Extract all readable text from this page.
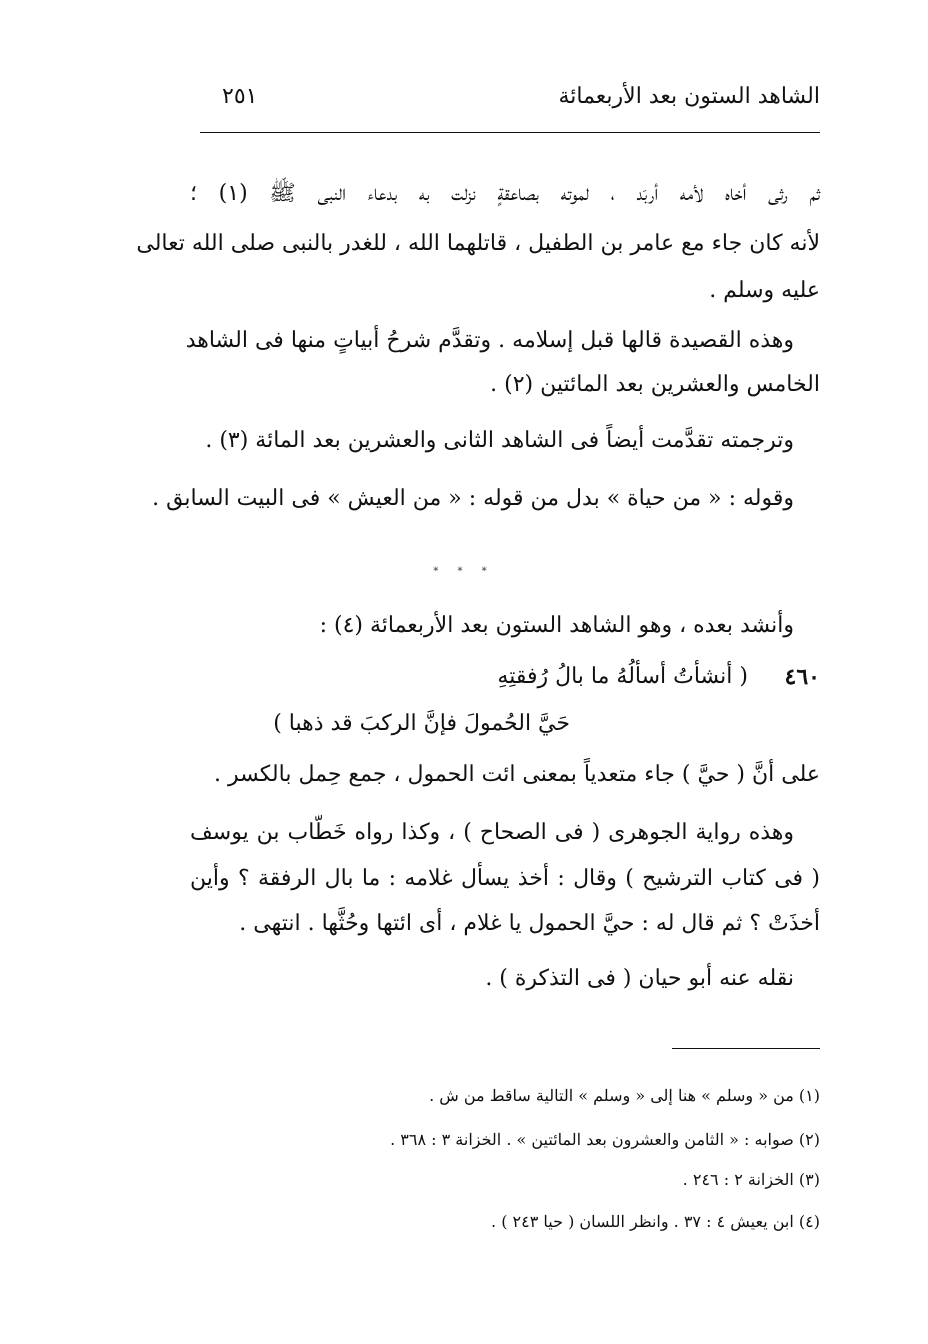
الشاهد الستون بعد الأربعمائة
٢٥١
ثم رثى أخاه لأمه أربَد ، لموته بصاعقةٍ نزلت به بدعاء النبى ﷺ (١) ؛
لأنه كان جاء مع عامر بن الطفيل ، قاتلهما الله ، للغدر بالنبى صلى الله تعالى
عليه وسلم .
وهذه القصيدة قالها قبل إسلامه . وتقدَّم شرحُ أبياتٍ منها فى الشاهد
الخامس والعشرين بعد المائتين (٢) .
وترجمته تقدَّمت أيضاً فى الشاهد الثانى والعشرين بعد المائة (٣) .
وقوله : « من حياة » بدل من قوله : « من العيش » فى البيت السابق .
* * *
وأنشد بعده ، وهو الشاهد الستون بعد الأربعمائة (٤) :
٤٦٠
( أنشأتُ أسألُهُ ما بالُ رُفقتِهِ
حَيَّ الحُمولَ فإنَّ الركبَ قد ذهبا )
على أنَّ ( حيَّ ) جاء متعدياً بمعنى ائت الحمول ، جمع حِمل بالكسر .
وهذه رواية الجوهرى ( فى الصحاح ) ، وكذا رواه خَطّاب بن يوسف
( فى كتاب الترشيح ) وقال : أخذ يسأل غلامه : ما بال الرفقة ؟ وأين
أخذَتْ ؟ ثم قال له : حيَّ الحمول يا غلام ، أى ائتها وحُثَّها . انتهى .
نقله عنه أبو حيان ( فى التذكرة ) .
(١) من « وسلم » هنا إلى « وسلم » التالية ساقط من ش .
(٢) صوابه : « الثامن والعشرون بعد المائتين » . الخزانة ٣ : ٣٦٨ .
(٣) الخزانة ٢ : ٢٤٦ .
(٤) ابن يعيش ٤ : ٣٧ . وانظر اللسان ( حيا ٢٤٣ ) .
